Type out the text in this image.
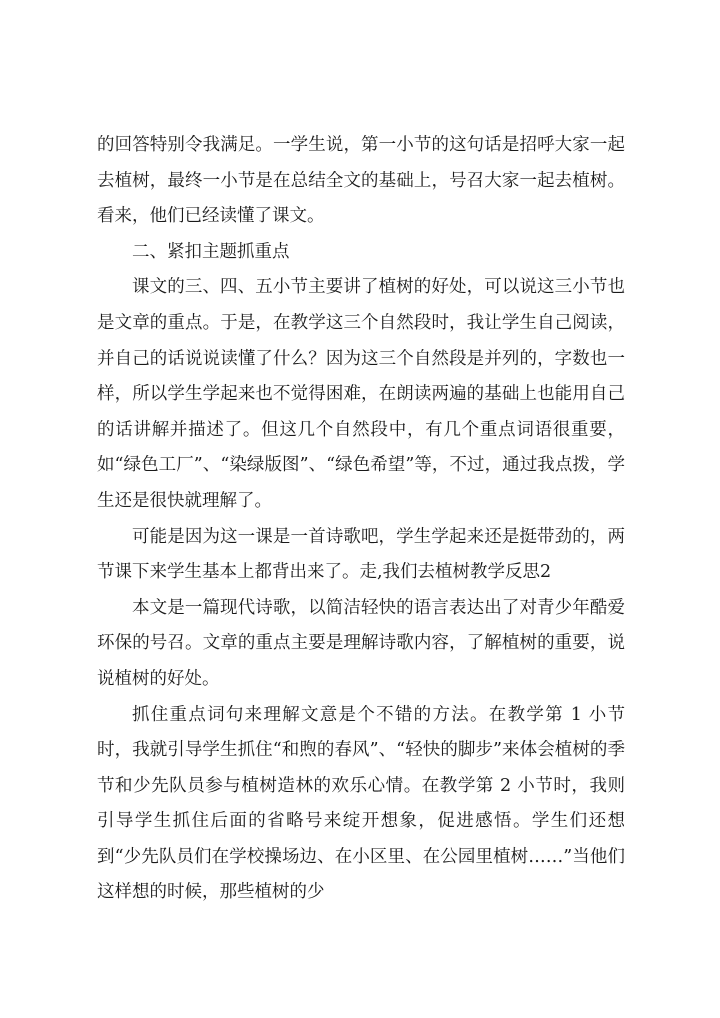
的回答特别令我满足。一学生说，第一小节的这句话是招呼大家一起去植树，最终一小节是在总结全文的基础上，号召大家一起去植树。看来，他们已经读懂了课文。

二、紧扣主题抓重点

课文的三、四、五小节主要讲了植树的好处，可以说这三小节也是文章的重点。于是，在教学这三个自然段时，我让学生自己阅读，并自己的话说说读懂了什么？因为这三个自然段是并列的，字数也一样，所以学生学起来也不觉得困难，在朗读两遍的基础上也能用自己的话讲解并描述了。但这几个自然段中，有几个重点词语很重要，如“绿色工厂”、“染绿版图”、“绿色希望”等，不过，通过我点拨，学生还是很快就理解了。

可能是因为这一课是一首诗歌吧，学生学起来还是挺带劲的，两节课下来学生基本上都背出来了。走,我们去植树教学反思2

本文是一篇现代诗歌，以简洁轻快的语言表达出了对青少年酷爱环保的号召。文章的重点主要是理解诗歌内容，了解植树的重要，说说植树的好处。

抓住重点词句来理解文意是个不错的方法。在教学第 1 小节时，我就引导学生抓住“和煦的春风”、“轻快的脚步”来体会植树的季节和少先队员参与植树造林的欢乐心情。在教学第 2 小节时，我则引导学生抓住后面的省略号来绽开想象，促进感悟。学生们还想到“少先队员们在学校操场边、在小区里、在公园里植树……”当他们这样想的时候，那些植树的少
